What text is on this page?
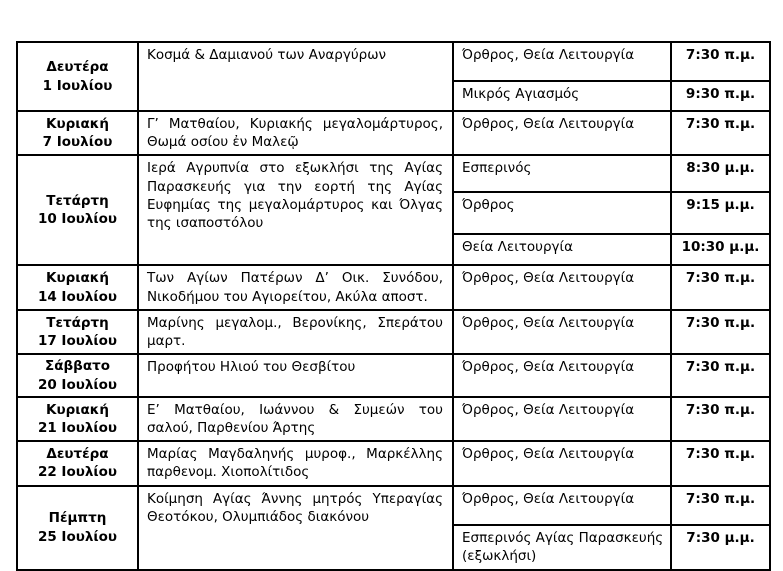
Δευτέρα
1 Ιουλίου	Κοσμά & Δαμιανού των Αναργύρων	Όρθρος, Θεία Λειτουργία	7:30 π.μ.
		Μικρός Αγιασμός	9:30 π.μ.

Κυριακή
7 Ιουλίου	Γ’ Ματθαίου, Κυριακής μεγαλομάρτυρος, Θωμά οσίου ἐν Μαλεῷ	Όρθρος, Θεία Λειτουργία	7:30 π.μ.

Τετάρτη
10 Ιουλίου	Ιερά Αγρυπνία στο εξωκλήσι της Αγίας Παρασκευής για την εορτή της Αγίας Ευφημίας της μεγαλομάρτυρος και Όλγας της ισαποστόλου	Εσπερινός	8:30 μ.μ.
		Όρθρος	9:15 μ.μ.
		Θεία Λειτουργία	10:30 μ.μ.

Κυριακή
14 Ιουλίου	Των Αγίων Πατέρων Δ’ Οικ. Συνόδου, Νικοδήμου του Αγιορείτου, Ακύλα αποστ.	Όρθρος, Θεία Λειτουργία	7:30 π.μ.

Τετάρτη
17 Ιουλίου	Μαρίνης μεγαλομ., Βερονίκης, Σπεράτου μαρτ.	Όρθρος, Θεία Λειτουργία	7:30 π.μ.

Σάββατο
20 Ιουλίου	Προφήτου Ηλιού του Θεσβίτου	Όρθρος, Θεία Λειτουργία	7:30 π.μ.

Κυριακή
21 Ιουλίου	Ε’ Ματθαίου, Ιωάννου & Συμεών του σαλού, Παρθενίου Άρτης	Όρθρος, Θεία Λειτουργία	7:30 π.μ.

Δευτέρα
22 Ιουλίου	Μαρίας Μαγδαληνής μυροφ., Μαρκέλλης παρθενομ. Χιοπολίτιδος	Όρθρος, Θεία Λειτουργία	7:30 π.μ.

Πέμπτη
25 Ιουλίου	Κοίμηση Αγίας Άννης μητρός Υπεραγίας Θεοτόκου, Ολυμπιάδος διακόνου	Όρθρος, Θεία Λειτουργία	7:30 π.μ.
		Εσπερινός Αγίας Παρασκευής (εξωκλήσι)	7:30 μ.μ.
